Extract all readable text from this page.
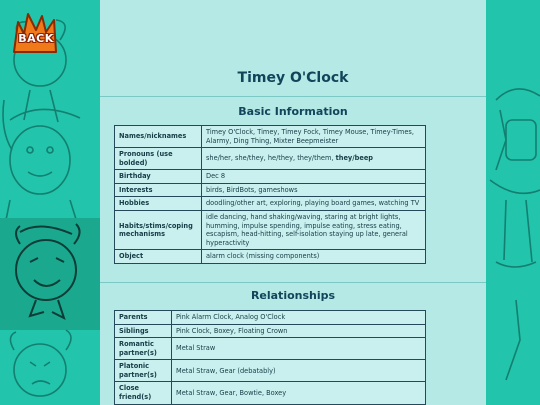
BACK
Timey O'Clock
Basic Information
Names/nicknames	Timey O'Clock, Timey, Timey Fock, Timey Mouse, Timey-Times, Alarmy, Ding Thing, Mixter Beepmeister
Pronouns (use bolded)	she/her, she/they, he/they, they/them, they/beep
Birthday	Dec 8
Interests	birds, BirdBots, gameshows
Hobbies	doodling/other art, exploring, playing board games, watching TV
Habits/stims/coping mechanisms	idle dancing, hand shaking/waving, staring at bright lights, humming, impulse spending, impulse eating, stress eating, escapism, head-hitting, self-isolation staying up late, general hyperactivity
Object	alarm clock (missing components)
Relationships
Parents	Pink Alarm Clock, Analog O'Clock
Siblings	Pink Clock, Boxey, Floating Crown
Romantic partner(s)	Metal Straw
Platonic partner(s)	Metal Straw, Gear (debatably)
Close friend(s)	Metal Straw, Gear, Bowtie, Boxey
